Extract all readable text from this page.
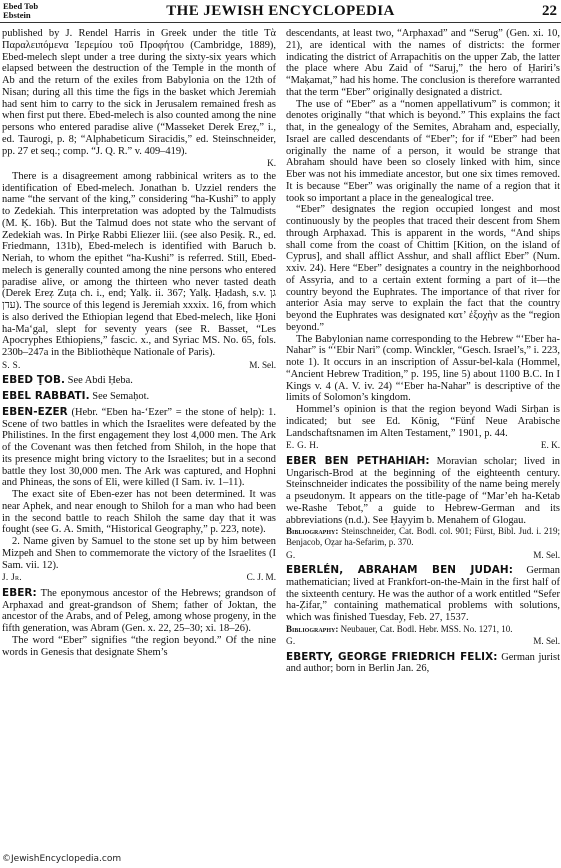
Ebed Tob
Ebstein	THE JEWISH ENCYCLOPEDIA	22

published by J. Rendel Harris in Greek under the title Tὰ Παραλειπόμενα Ἱερεμίου τοῦ Προφήτου (Cambridge, 1889), Ebed-melech slept under a tree during the sixty-six years which elapsed between the destruction of the Temple in the month of Ab and the return of the exiles from Babylonia on the 12th of Nisan; during all this time the figs in the basket which Jeremiah had sent him to carry to the sick in Jerusalem remained fresh as when first put there. Ebed-melech is also counted among the nine persons who entered paradise alive (“Masseket Derek Ereẓ,” i., ed. Taurogi, p. 8; “Alphabeticum Siracidis,” ed. Steinschneider, pp. 27 et seq.; comp. “J. Q. R.” v. 409–419).

K.

There is a disagreement among rabbinical writers as to the identification of Ebed-melech. Jonathan b. Uzziel renders the name “the servant of the king,” considering “ha-Kushi” to apply to Zedekiah. This interpretation was adopted by the Talmudists (M. Ḳ. 16b). But the Talmud does not state who the servant of Zedekiah was. In Pirḳe Rabbi Eliezer liii. (see also Pesiḳ. R., ed. Friedmann, 131b), Ebed-melech is identified with Baruch b. Neriah, to whom the epithet “ha-Kushi” is referred. Still, Ebed-melech is generally counted among the nine persons who entered paradise alive, or among the thirteen who never tasted death (Derek Ereẓ Zuṭa ch. i., end; Yalḳ. ii. 367; Yalḳ. Ḥadash, s.v. גן עדן). The source of this legend is Jeremiah xxxix. 16, from which is also derived the Ethiopian legend that Ebed-melech, like Ḥoni ha-Ma‘gal, slept for seventy years (see R. Basset, “Les Apocryphes Ethiopiens,” fascic. x., and Syriac MS. No. 65, fols. 230b–247a in the Bibliothèque Nationale of Paris).

S. S.	M. Sel.

EBED ṬOB. See Abdi Ḥeba.

EBEL RABBATI. See Semaḥot.

EBEN-EZER (Hebr. “Eben ha-‘Ezer” = the stone of help): 1. Scene of two battles in which the Israelites were defeated by the Philistines. In the first engagement they lost 4,000 men. The Ark of the Covenant was then fetched from Shiloh, in the hope that its presence might bring victory to the Israelites; but in a second battle they lost 30,000 men. The Ark was captured, and Hophni and Phineas, the sons of Eli, were killed (I Sam. iv. 1–11).

The exact site of Eben-ezer has not been determined. It was near Aphek, and near enough to Shiloh for a man who had been in the second battle to reach Shiloh the same day that it was fought (see G. A. Smith, “Historical Geography,” p. 223, note).

2. Name given by Samuel to the stone set up by him between Mizpeh and Shen to commemorate the victory of the Israelites (I Sam. vii. 12).

J. Jr.	C. J. M.

EBER: The eponymous ancestor of the Hebrews; grandson of Arphaxad and great-grandson of Shem; father of Joktan, the ancestor of the Arabs, and of Peleg, among whose progeny, in the fifth generation, was Abram (Gen. x. 22, 25–30; xi. 18–26).

The word “Eber” signifies “the region beyond.” Of the nine words in Genesis that designate Shem’s

descendants, at least two, “Arphaxad” and “Serug” (Gen. xi. 10, 21), are identical with the names of districts: the former indicating the district of Arrapachitis on the upper Zab, the latter the place where Abu Zaid of “Saruj,” the hero of Ḥariri’s “Maḳamat,” had his home. The conclusion is therefore warranted that the term “Eber” originally designated a district.

The use of “Eber” as a “nomen appellativum” is common; it denotes originally “that which is beyond.” This explains the fact that, in the genealogy of the Semites, Abraham and, especially, Israel are called descendants of “Eber”; for if “Eber” had been originally the name of a person, it would be strange that Abraham should have been so closely linked with him, since Eber was not his immediate ancestor, but one six times removed. It is because “Eber” was originally the name of a region that it took so important a place in the genealogical tree.

“Eber” designates the region occupied longest and most continuously by the peoples that traced their descent from Shem through Arphaxad. This is apparent in the words, “And ships shall come from the coast of Chittim [Kition, on the island of Cyprus], and shall afflict Asshur, and shall afflict Eber” (Num. xxiv. 24). Here “Eber” designates a country in the neighborhood of Assyria, and to a certain extent forming a part of it—the country beyond the Euphrates. The importance of that river for anterior Asia may serve to explain the fact that the country beyond the Euphrates was designated κατ’ ἐξοχὴν as the “region beyond.”

The Babylonian name corresponding to the Hebrew “‘Eber ha-Nahar” is “‘Ebir Nari” (comp. Winckler, “Gesch. Israel’s,” i. 223, note 1). It occurs in an inscription of Assur-bel-kala (Hommel, “Ancient Hebrew Tradition,” p. 195, line 5) about 1100 B.C. In I Kings v. 4 (A. V. iv. 24) “‘Eber ha-Nahar” is descriptive of the limits of Solomon’s kingdom.

Hommel’s opinion is that the region beyond Wadi Sirḥan is indicated; but see Ed. König, “Fünf Neue Arabische Landschaftsnamen im Alten Testament,” 1901, p. 44.

E. G. H.	E. K.

EBER BEN PETHAHIAH: Moravian scholar; lived in Ungarisch-Brod at the beginning of the eighteenth century. Steinschneider indicates the possibility of the name being merely a pseudonym. It appears on the title-page of “Mar’eh ha-Ketab we-Rashe Tebot,” a guide to Hebrew-German and its abbreviations (n.d.). See Ḥayyim b. Menahem of Glogau.

Bibliography: Steinschneider, Cat. Bodl. col. 901; Fürst, Bibl. Jud. i. 219; Benjacob, Oẓar ha-Sefarim, p. 370.

G.	M. Sel.

EBERLÉN, ABRAHAM BEN JUDAH: German mathematician; lived at Frankfort-on-the-Main in the first half of the sixteenth century. He was the author of a work entitled “Sefer ha-Ẓifar,” containing mathematical problems with solutions, which was finished Tuesday, Feb. 27, 1537.

Bibliography: Neubauer, Cat. Bodl. Hebr. MSS. No. 1271, 10.

G.	M. Sel.

EBERTY, GEORGE FRIEDRICH FELIX: German jurist and author; born in Berlin Jan. 26,

©JewishEncyclopedia.com
